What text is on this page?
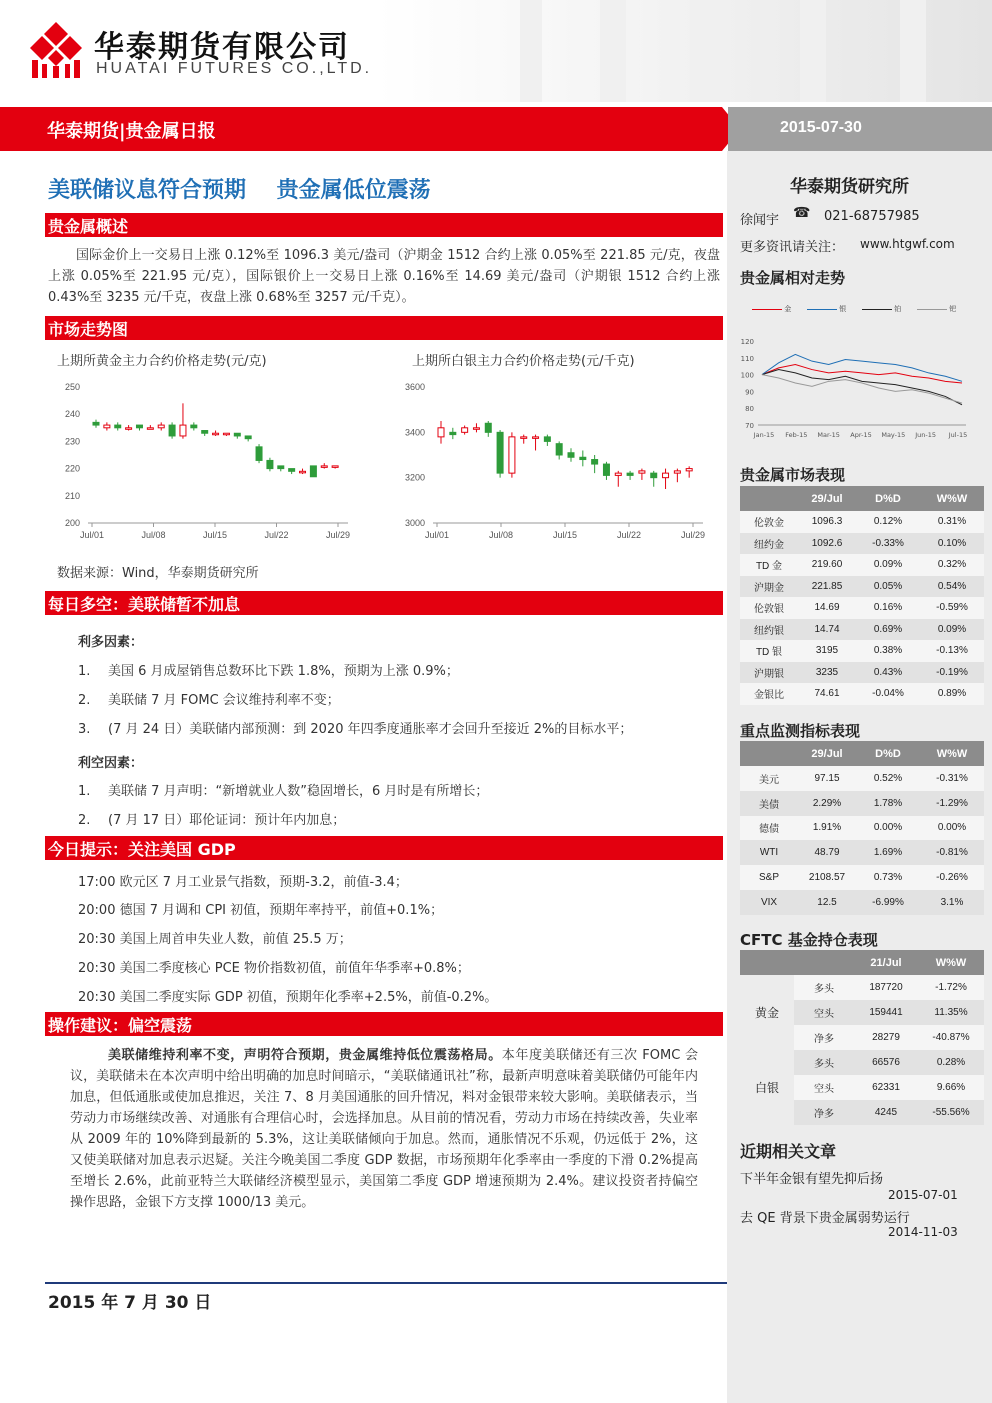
华泰期货有限公司
HUATAI FUTURES CO.,LTD.
华泰期货|贵金属日报	2015-07-30
美联储议息符合预期    贵金属低位震荡
贵金属概述
国际金价上一交易日上涨 0.12%至 1096.3 美元/盎司（沪期金 1512 合约上涨 0.05%至 221.85 元/克，夜盘上涨 0.05%至 221.95 元/克），国际银价上一交易日上涨 0.16%至 14.69 美元/盎司（沪期银 1512 合约上涨 0.43%至 3235 元/千克，夜盘上涨 0.68%至 3257 元/千克）。
市场走势图
上期所黄金主力合约价格走势(元/克)
250
240
230
220
210
200
Jul/01	Jul/08	Jul/15	Jul/22	Jul/29
上期所白银主力合约价格走势(元/千克)
3600
3400
3200
3000
Jul/01	Jul/08	Jul/15	Jul/22	Jul/29
数据来源：Wind，华泰期货研究所
每日多空：美联储暂不加息
利多因素：
1. 美国 6 月成屋销售总数环比下跌 1.8%，预期为上涨 0.9%；
2. 美联储 7 月 FOMC 会议维持利率不变；
3. (7 月 24 日）美联储内部预测：到 2020 年四季度通胀率才会回升至接近 2%的目标水平；
利空因素：
1. 美联储 7 月声明：“新增就业人数”稳固增长，6 月时是有所增长；
2. (7 月 17 日）耶伦证词：预计年内加息；
今日提示：关注美国 GDP
17:00 欧元区 7 月工业景气指数，预期-3.2，前值-3.4；
20:00 德国 7 月调和 CPI 初值，预期年率持平，前值+0.1%；
20:30 美国上周首申失业人数，前值 25.5 万；
20:30 美国二季度核心 PCE 物价指数初值，前值年华季率+0.8%；
20:30 美国二季度实际 GDP 初值，预期年化季率+2.5%，前值-0.2%。
操作建议：偏空震荡
美联储维持利率不变，声明符合预期，贵金属维持低位震荡格局。本年度美联储还有三次 FOMC 会议，美联储未在本次声明中给出明确的加息时间暗示，“美联储通讯社”称，最新声明意味着美联储仍可能年内加息，但低通胀或使加息推迟，关注 7、8 月美国通胀的回升情况，料对金银带来较大影响。美联储表示，当劳动力市场继续改善、对通胀有合理信心时，会选择加息。从目前的情况看，劳动力市场在持续改善，失业率从 2009 年的 10%降到最新的 5.3%，这让美联储倾向于加息。然而，通胀情况不乐观，仍远低于 2%，这又使美联储对加息表示迟疑。关注今晚美国二季度 GDP 数据，市场预期年化季率由一季度的下滑 0.2%提高至增长 2.6%，此前亚特兰大联储经济模型显示，美国第二季度 GDP 增速预期为 2.4%。建议投资者持偏空操作思路，金银下方支撑 1000/13 美元。
2015 年 7 月 30 日
华泰期货研究所
徐闻宇 ☎ 021-68757985
更多资讯请关注： www.htgwf.com
贵金属相对走势
金	银	铂	钯
120
110
100
90
80
70
Jan-15 Feb-15 Mar-15 Apr-15 May-15 Jun-15 Jul-15
贵金属市场表现
	29/Jul	D%D	W%W
伦敦金	1096.3	0.12%	0.31%
纽约金	1092.6	-0.33%	0.10%
TD 金	219.60	0.09%	0.32%
沪期金	221.85	0.05%	0.54%
伦敦银	14.69	0.16%	-0.59%
纽约银	14.74	0.69%	0.09%
TD 银	3195	0.38%	-0.13%
沪期银	3235	0.43%	-0.19%
金银比	74.61	-0.04%	0.89%
重点监测指标表现
	29/Jul	D%D	W%W
美元	97.15	0.52%	-0.31%
美债	2.29%	1.78%	-1.29%
德债	1.91%	0.00%	0.00%
WTI	48.79	1.69%	-0.81%
S&P	2108.57	0.73%	-0.26%
VIX	12.5	-6.99%	3.1%
CFTC 基金持仓表现
		21/Jul	W%W
黄金	多头	187720	-1.72%
	空头	159441	11.35%
	净多	28279	-40.87%
白银	多头	66576	0.28%
	空头	62331	9.66%
	净多	4245	-55.56%
近期相关文章
下半年金银有望先抑后扬
2015-07-01
去 QE 背景下贵金属弱势运行
2014-11-03
